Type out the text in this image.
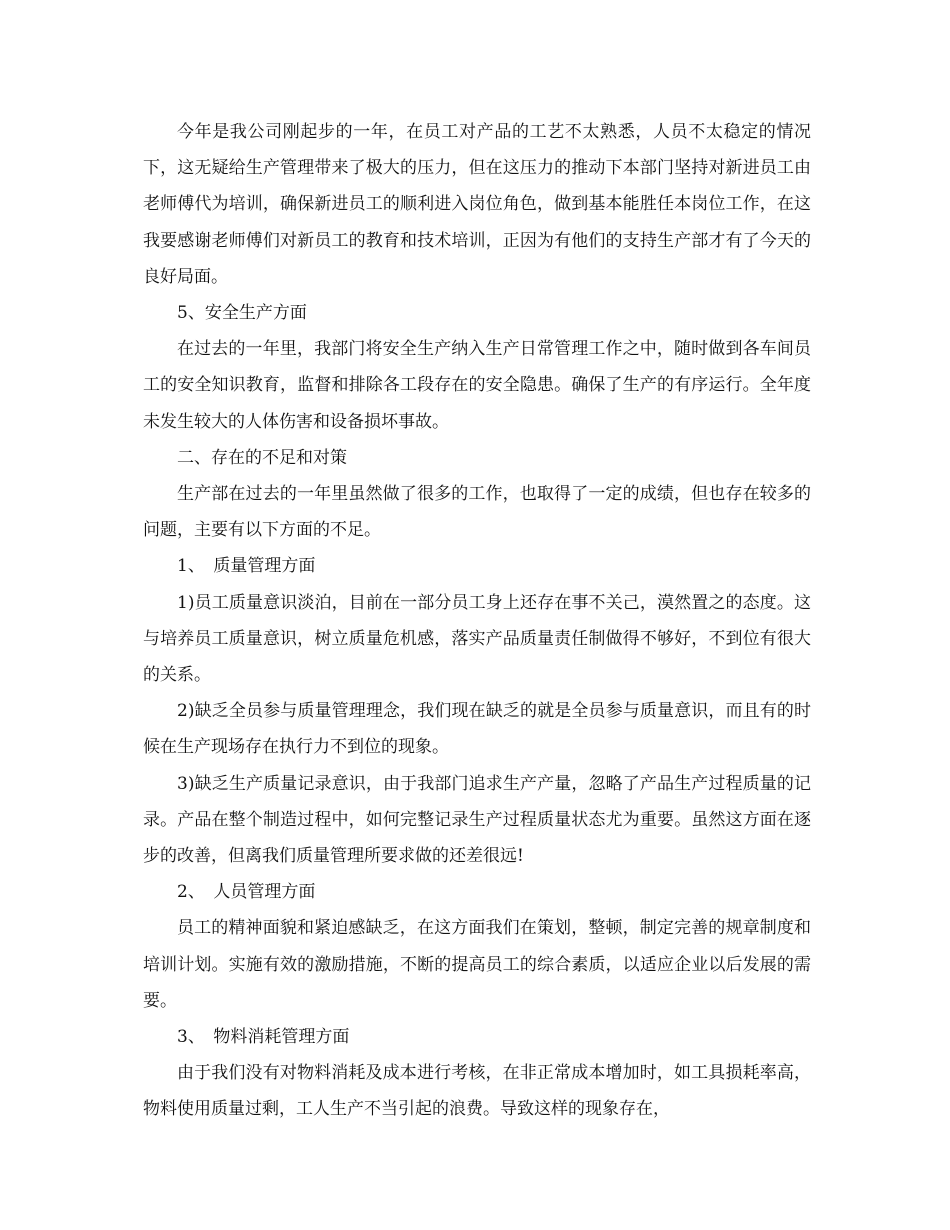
今年是我公司刚起步的一年，在员工对产品的工艺不太熟悉，人员不太稳定的情况下，这无疑给生产管理带来了极大的压力，但在这压力的推动下本部门坚持对新进员工由老师傅代为培训，确保新进员工的顺利进入岗位角色，做到基本能胜任本岗位工作，在这我要感谢老师傅们对新员工的教育和技术培训，正因为有他们的支持生产部才有了今天的良好局面。

5、安全生产方面

在过去的一年里，我部门将安全生产纳入生产日常管理工作之中，随时做到各车间员工的安全知识教育，监督和排除各工段存在的安全隐患。确保了生产的有序运行。全年度未发生较大的人体伤害和设备损坏事故。

二、存在的不足和对策

生产部在过去的一年里虽然做了很多的工作，也取得了一定的成绩，但也存在较多的问题，主要有以下方面的不足。

1、　质量管理方面

1)员工质量意识淡泊，目前在一部分员工身上还存在事不关己，漠然置之的态度。这与培养员工质量意识，树立质量危机感，落实产品质量责任制做得不够好，不到位有很大的关系。

2)缺乏全员参与质量管理理念，我们现在缺乏的就是全员参与质量意识，而且有的时候在生产现场存在执行力不到位的现象。

3)缺乏生产质量记录意识，由于我部门追求生产产量，忽略了产品生产过程质量的记录。产品在整个制造过程中，如何完整记录生产过程质量状态尤为重要。虽然这方面在逐步的改善，但离我们质量管理所要求做的还差很远!

2、　人员管理方面

员工的精神面貌和紧迫感缺乏，在这方面我们在策划，整顿，制定完善的规章制度和培训计划。实施有效的激励措施，不断的提高员工的综合素质，以适应企业以后发展的需要。

3、　物料消耗管理方面

由于我们没有对物料消耗及成本进行考核，在非正常成本增加时，如工具损耗率高，物料使用质量过剩，工人生产不当引起的浪费。导致这样的现象存在，
